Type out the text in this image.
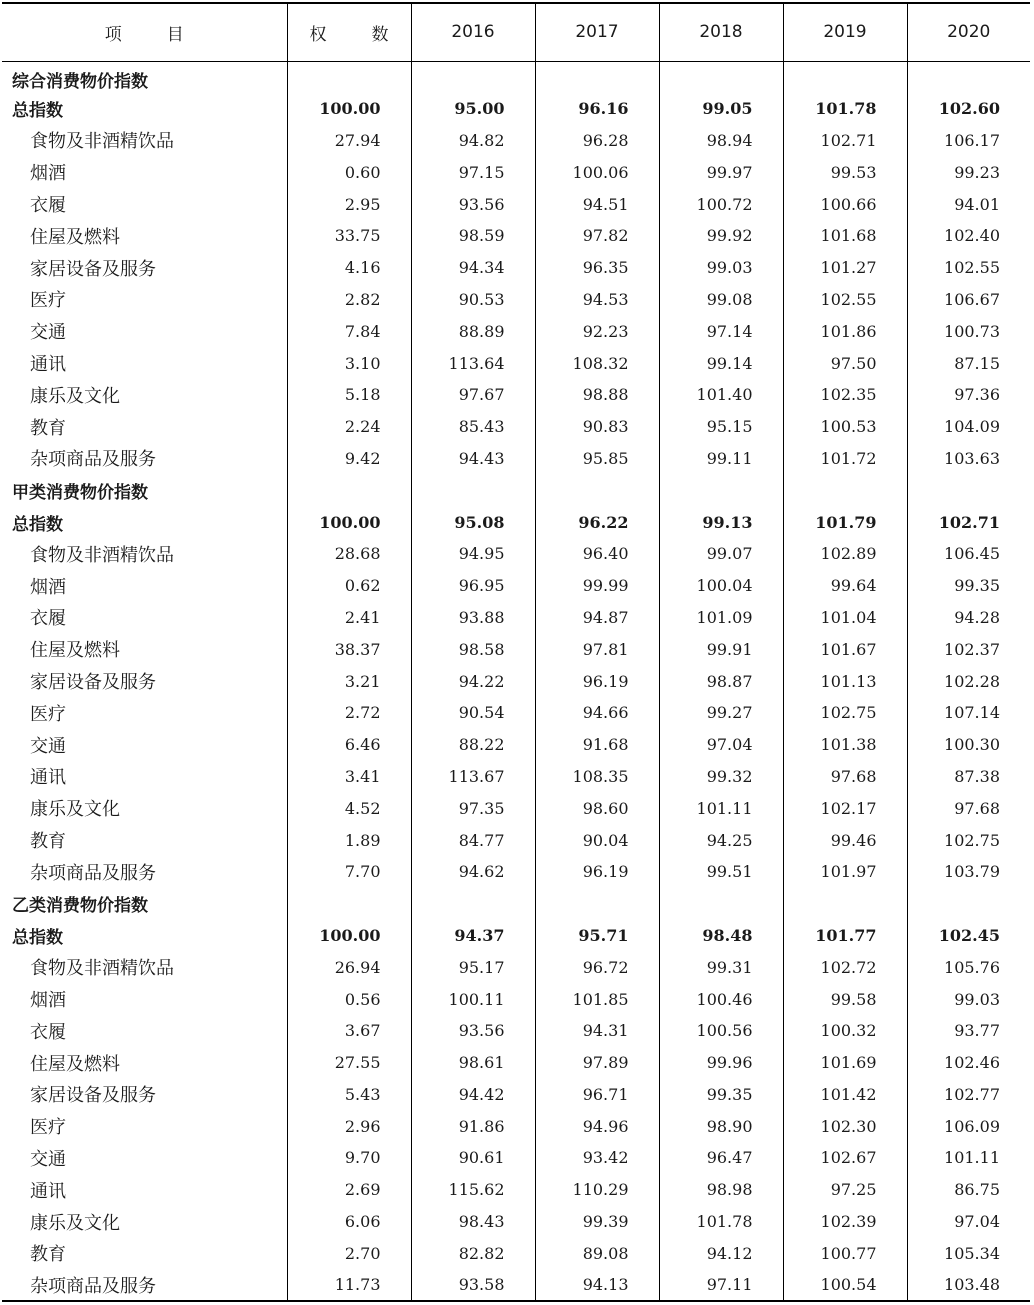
项　目	权　数	2016	2017	2018	2019	2020
综合消费物价指数						
总指数	100.00	95.00	96.16	99.05	101.78	102.60
食物及非酒精饮品	27.94	94.82	96.28	98.94	102.71	106.17
烟酒	0.60	97.15	100.06	99.97	99.53	99.23
衣履	2.95	93.56	94.51	100.72	100.66	94.01
住屋及燃料	33.75	98.59	97.82	99.92	101.68	102.40
家居设备及服务	4.16	94.34	96.35	99.03	101.27	102.55
医疗	2.82	90.53	94.53	99.08	102.55	106.67
交通	7.84	88.89	92.23	97.14	101.86	100.73
通讯	3.10	113.64	108.32	99.14	97.50	87.15
康乐及文化	5.18	97.67	98.88	101.40	102.35	97.36
教育	2.24	85.43	90.83	95.15	100.53	104.09
杂项商品及服务	9.42	94.43	95.85	99.11	101.72	103.63
甲类消费物价指数						
总指数	100.00	95.08	96.22	99.13	101.79	102.71
食物及非酒精饮品	28.68	94.95	96.40	99.07	102.89	106.45
烟酒	0.62	96.95	99.99	100.04	99.64	99.35
衣履	2.41	93.88	94.87	101.09	101.04	94.28
住屋及燃料	38.37	98.58	97.81	99.91	101.67	102.37
家居设备及服务	3.21	94.22	96.19	98.87	101.13	102.28
医疗	2.72	90.54	94.66	99.27	102.75	107.14
交通	6.46	88.22	91.68	97.04	101.38	100.30
通讯	3.41	113.67	108.35	99.32	97.68	87.38
康乐及文化	4.52	97.35	98.60	101.11	102.17	97.68
教育	1.89	84.77	90.04	94.25	99.46	102.75
杂项商品及服务	7.70	94.62	96.19	99.51	101.97	103.79
乙类消费物价指数						
总指数	100.00	94.37	95.71	98.48	101.77	102.45
食物及非酒精饮品	26.94	95.17	96.72	99.31	102.72	105.76
烟酒	0.56	100.11	101.85	100.46	99.58	99.03
衣履	3.67	93.56	94.31	100.56	100.32	93.77
住屋及燃料	27.55	98.61	97.89	99.96	101.69	102.46
家居设备及服务	5.43	94.42	96.71	99.35	101.42	102.77
医疗	2.96	91.86	94.96	98.90	102.30	106.09
交通	9.70	90.61	93.42	96.47	102.67	101.11
通讯	2.69	115.62	110.29	98.98	97.25	86.75
康乐及文化	6.06	98.43	99.39	101.78	102.39	97.04
教育	2.70	82.82	89.08	94.12	100.77	105.34
杂项商品及服务	11.73	93.58	94.13	97.11	100.54	103.48
